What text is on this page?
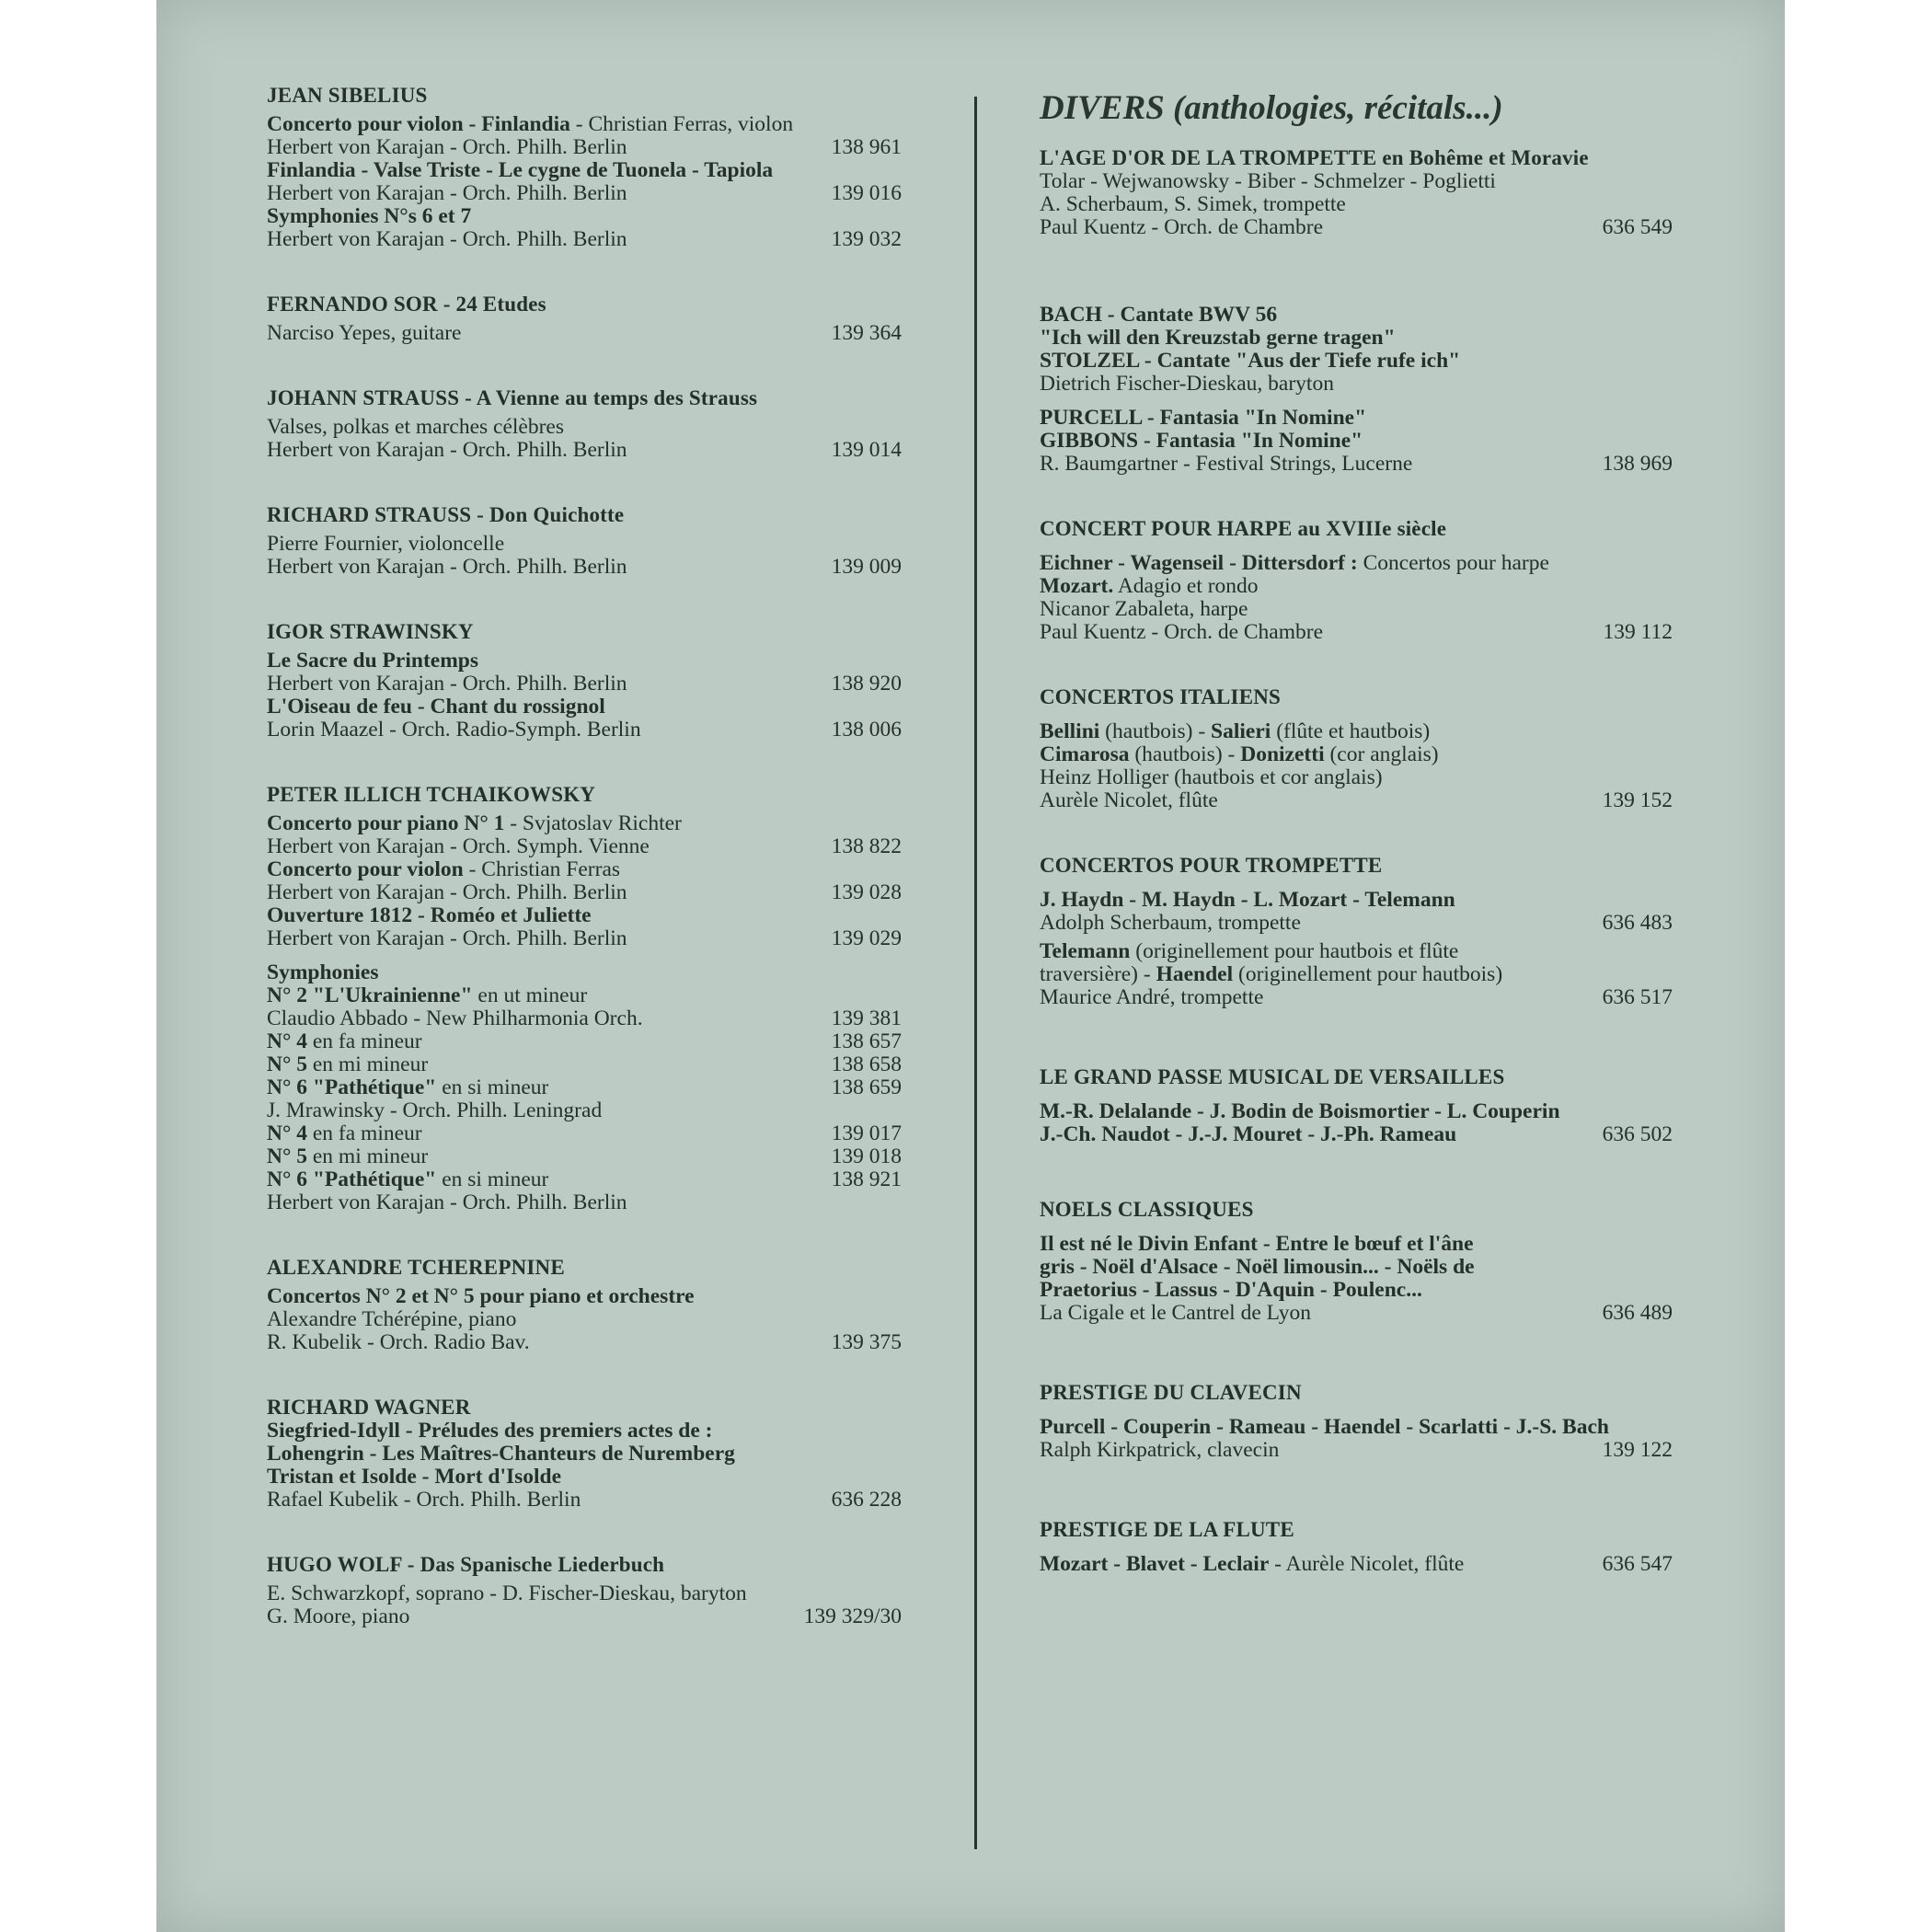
JEAN SIBELIUS
Concerto pour violon - Finlandia - Christian Ferras, violon
Herbert von Karajan - Orch. Philh. Berlin	138 961
Finlandia - Valse Triste - Le cygne de Tuonela - Tapiola
Herbert von Karajan - Orch. Philh. Berlin	139 016
Symphonies N°s 6 et 7
Herbert von Karajan - Orch. Philh. Berlin	139 032
FERNANDO SOR - 24 Etudes
Narciso Yepes, guitare	139 364
JOHANN STRAUSS - A Vienne au temps des Strauss
Valses, polkas et marches célèbres
Herbert von Karajan - Orch. Philh. Berlin	139 014
RICHARD STRAUSS - Don Quichotte
Pierre Fournier, violoncelle
Herbert von Karajan - Orch. Philh. Berlin	139 009
IGOR STRAWINSKY
Le Sacre du Printemps
Herbert von Karajan - Orch. Philh. Berlin	138 920
L'Oiseau de feu - Chant du rossignol
Lorin Maazel - Orch. Radio-Symph. Berlin	138 006
PETER ILLICH TCHAIKOWSKY
Concerto pour piano N° 1 - Svjatoslav Richter
Herbert von Karajan - Orch. Symph. Vienne	138 822
Concerto pour violon - Christian Ferras
Herbert von Karajan - Orch. Philh. Berlin	139 028
Ouverture 1812 - Roméo et Juliette
Herbert von Karajan - Orch. Philh. Berlin	139 029
Symphonies
N° 2 "L'Ukrainienne" en ut mineur
Claudio Abbado - New Philharmonia Orch.	139 381
N° 4 en fa mineur	138 657
N° 5 en mi mineur	138 658
N° 6 "Pathétique" en si mineur	138 659
J. Mrawinsky - Orch. Philh. Leningrad
N° 4 en fa mineur	139 017
N° 5 en mi mineur	139 018
N° 6 "Pathétique" en si mineur	138 921
Herbert von Karajan - Orch. Philh. Berlin
ALEXANDRE TCHEREPNINE
Concertos N° 2 et N° 5 pour piano et orchestre
Alexandre Tchérépine, piano
R. Kubelik - Orch. Radio Bav.	139 375
RICHARD WAGNER
Siegfried-Idyll - Préludes des premiers actes de :
Lohengrin - Les Maîtres-Chanteurs de Nuremberg
Tristan et Isolde - Mort d'Isolde
Rafael Kubelik - Orch. Philh. Berlin	636 228
HUGO WOLF - Das Spanische Liederbuch
E. Schwarzkopf, soprano - D. Fischer-Dieskau, baryton
G. Moore, piano	139 329/30
DIVERS (anthologies, récitals...)
L'AGE D'OR DE LA TROMPETTE en Bohême et Moravie
Tolar - Wejwanowsky - Biber - Schmelzer - Poglietti
A. Scherbaum, S. Simek, trompette
Paul Kuentz - Orch. de Chambre	636 549
BACH - Cantate BWV 56
"Ich will den Kreuzstab gerne tragen"
STOLZEL - Cantate "Aus der Tiefe rufe ich"
Dietrich Fischer-Dieskau, baryton
PURCELL - Fantasia "In Nomine"
GIBBONS - Fantasia "In Nomine"
R. Baumgartner - Festival Strings, Lucerne	138 969
CONCERT POUR HARPE au XVIIIe siècle
Eichner - Wagenseil - Dittersdorf : Concertos pour harpe
Mozart. Adagio et rondo
Nicanor Zabaleta, harpe
Paul Kuentz - Orch. de Chambre	139 112
CONCERTOS ITALIENS
Bellini (hautbois) - Salieri (flûte et hautbois)
Cimarosa (hautbois) - Donizetti (cor anglais)
Heinz Holliger (hautbois et cor anglais)
Aurèle Nicolet, flûte	139 152
CONCERTOS POUR TROMPETTE
J. Haydn - M. Haydn - L. Mozart - Telemann
Adolph Scherbaum, trompette	636 483
Telemann (originellement pour hautbois et flûte
traversière) - Haendel (originellement pour hautbois)
Maurice André, trompette	636 517
LE GRAND PASSE MUSICAL DE VERSAILLES
M.-R. Delalande - J. Bodin de Boismortier - L. Couperin
J.-Ch. Naudot - J.-J. Mouret - J.-Ph. Rameau	636 502
NOELS CLASSIQUES
Il est né le Divin Enfant - Entre le bœuf et l'âne
gris - Noël d'Alsace - Noël limousin... - Noëls de
Praetorius - Lassus - D'Aquin - Poulenc...
La Cigale et le Cantrel de Lyon	636 489
PRESTIGE DU CLAVECIN
Purcell - Couperin - Rameau - Haendel - Scarlatti - J.-S. Bach
Ralph Kirkpatrick, clavecin	139 122
PRESTIGE DE LA FLUTE
Mozart - Blavet - Leclair - Aurèle Nicolet, flûte	636 547
